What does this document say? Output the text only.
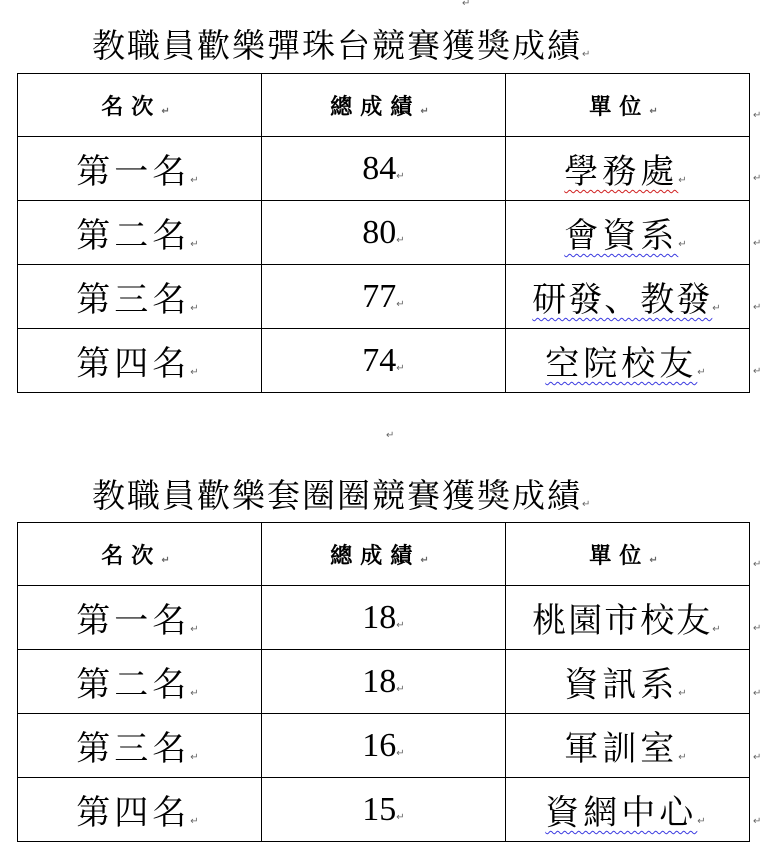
↵
教職員歡樂彈珠台競賽獲獎成績↵
名次↵	總成績↵	單位↵
第一名↵	84↵	學務處↵
第二名↵	80↵	會資系↵
第三名↵	77↵	研發、教發↵
第四名↵	74↵	空院校友↵
↵
↵
↵
↵
↵
↵
教職員歡樂套圈圈競賽獲獎成績↵
名次↵	總成績↵	單位↵
第一名↵	18↵	桃園市校友↵
第二名↵	18↵	資訊系↵
第三名↵	16↵	軍訓室↵
第四名↵	15↵	資網中心↵
↵
↵
↵
↵
↵
